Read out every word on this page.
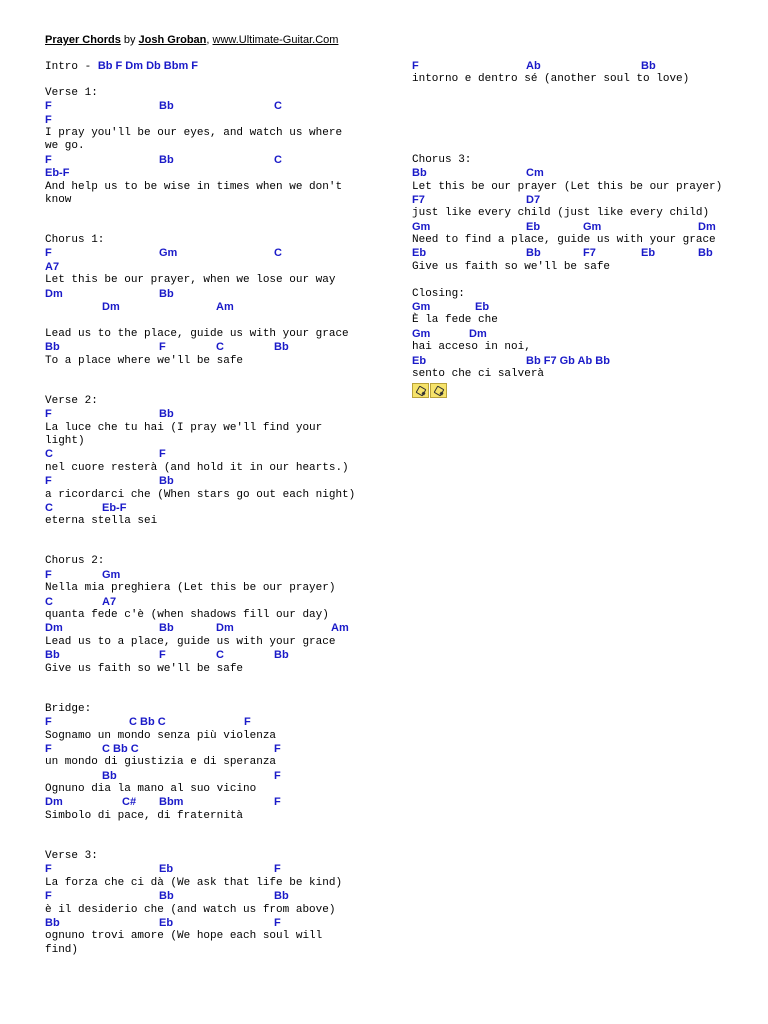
Prayer Chords by Josh Groban, www.Ultimate-Guitar.Com
Intro - Bb F Dm Db Bbm F
Verse 1:
F	Bb	C
F
I pray you'll be our eyes, and watch us where
we go.
F	Bb	C
Eb-F
And help us to be wise in times when we don't
know
Chorus 1:
F	Gm	C
A7
Let this be our prayer, when we lose our way
Dm	Bb
Dm	Am
Lead us to the place, guide us with your grace
Bb	F	C	Bb
To a place where we'll be safe
Verse 2:
F	Bb
La luce che tu hai (I pray we'll find your
light)
C	F
nel cuore resterà (and hold it in our hearts.)
F	Bb
a ricordarci che (When stars go out each night)
C	Eb-F
eterna stella sei
Chorus 2:
F	Gm
Nella mia preghiera (Let this be our prayer)
C	A7
quanta fede c'è (when shadows fill our day)
Dm	Bb	Dm	Am
Lead us to a place, guide us with your grace
Bb	F	C	Bb
Give us faith so we'll be safe
Bridge:
F	C Bb C	F
Sognamo un mondo senza più violenza
F	C Bb C	F
un mondo di giustizia e di speranza
Bb	F
Ognuno dia la mano al suo vicino
Dm	C# Bbm	F
Simbolo di pace, di fraternità
Verse 3:
F	Eb	F
La forza che ci dà (We ask that life be kind)
F	Bb	Bb
è il desiderio che (and watch us from above)
Bb	Eb	F
ognuno trovi amore (We hope each soul will
find)
F	Ab	Bb
intorno e dentro sé (another soul to love)
Chorus 3:
Bb	Cm
Let this be our prayer (Let this be our prayer)
F7	D7
just like every child (just like every child)
Gm	Eb	Gm	Dm
Need to find a place, guide us with your grace
Eb	Bb	F7	Eb	Bb
Give us faith so we'll be safe
Closing:
Gm	Eb
È la fede che
Gm	Dm
hai acceso in noi,
Eb	Bb F7 Gb Ab Bb
sento che ci salverà
